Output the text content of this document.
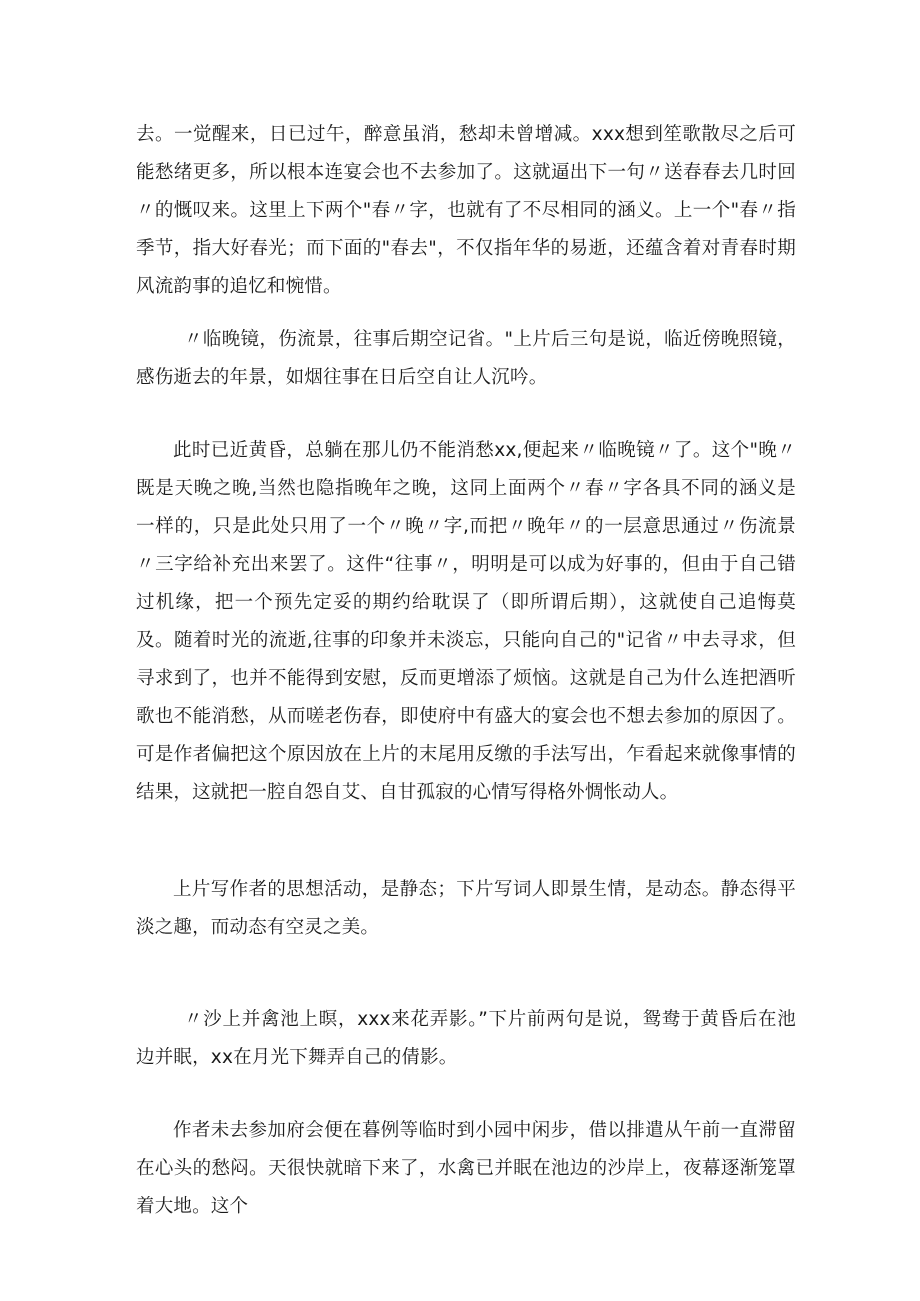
去。一觉醒来，日已过午，醉意虽消，愁却未曾增减。xxx想到笙歌散尽之后可能愁绪更多，所以根本连宴会也不去参加了。这就逼出下一句〃送春春去几时回〃的慨叹来。这里上下两个"春〃字，也就有了不尽相同的涵义。上一个"春〃指季节，指大好春光；而下面的"春去"，不仅指年华的易逝，还蕴含着对青春时期风流韵事的追忆和惋惜。

〃临晚镜，伤流景，往事后期空记省。"上片后三句是说，临近傍晚照镜，感伤逝去的年景，如烟往事在日后空自让人沉吟。

此时已近黄昏，总躺在那儿仍不能消愁xx,便起来〃临晚镜〃了。这个"晚〃既是天晚之晚,当然也隐指晚年之晚，这同上面两个〃春〃字各具不同的涵义是一样的，只是此处只用了一个〃晚〃字,而把〃晚年〃的一层意思通过〃伤流景〃三字给补充出来罢了。这件“往事〃，明明是可以成为好事的，但由于自己错过机缘，把一个预先定妥的期约给耽误了（即所谓后期），这就使自己追悔莫及。随着时光的流逝,往事的印象并未淡忘，只能向自己的"记省〃中去寻求，但寻求到了，也并不能得到安慰，反而更增添了烦恼。这就是自己为什么连把酒听歌也不能消愁，从而嗟老伤春，即使府中有盛大的宴会也不想去参加的原因了。可是作者偏把这个原因放在上片的末尾用反缴的手法写出，乍看起来就像事情的结果，这就把一腔自怨自艾、自甘孤寂的心情写得格外惆怅动人。

上片写作者的思想活动，是静态；下片写词人即景生情，是动态。静态得平淡之趣，而动态有空灵之美。

〃沙上并禽池上暝，xxx来花弄影。”下片前两句是说，鸳鸯于黄昏后在池边并眠，xx在月光下舞弄自己的倩影。

作者未去参加府会便在暮例等临时到小园中闲步，借以排遣从午前一直滞留在心头的愁闷。天很快就暗下来了，水禽已并眠在池边的沙岸上，夜幕逐渐笼罩着大地。这个
